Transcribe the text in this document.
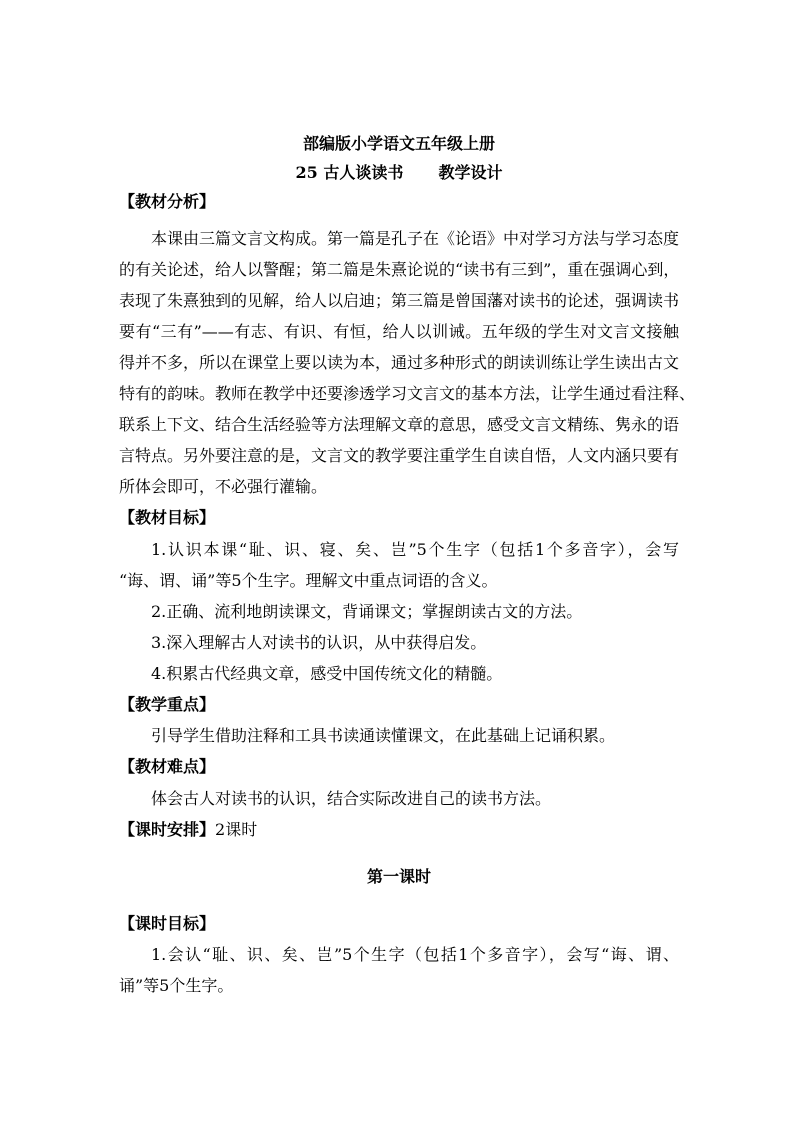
部编版小学语文五年级上册
25 古人谈读书 教学设计
【教材分析】
本课由三篇文言文构成。第一篇是孔子在《论语》中对学习方法与学习态度
的有关论述，给人以警醒；第二篇是朱熹论说的“读书有三到”，重在强调心到，
表现了朱熹独到的见解，给人以启迪；第三篇是曾国藩对读书的论述，强调读书
要有“三有”——有志、有识、有恒，给人以训诫。五年级的学生对文言文接触
得并不多，所以在课堂上要以读为本，通过多种形式的朗读训练让学生读出古文
特有的韵味。教师在教学中还要渗透学习文言文的基本方法，让学生通过看注释、
联系上下文、结合生活经验等方法理解文章的意思，感受文言文精练、隽永的语
言特点。另外要注意的是，文言文的教学要注重学生自读自悟，人文内涵只要有
所体会即可，不必强行灌输。
【教材目标】
1.认识本课“耻、识、寝、矣、岂”5个生字（包括1个多音字），会写
“诲、谓、诵”等5个生字。理解文中重点词语的含义。
2.正确、流利地朗读课文，背诵课文；掌握朗读古文的方法。
3.深入理解古人对读书的认识，从中获得启发。
4.积累古代经典文章，感受中国传统文化的精髓。
【教学重点】
引导学生借助注释和工具书读通读懂课文，在此基础上记诵积累。
【教材难点】
体会古人对读书的认识，结合实际改进自己的读书方法。
【课时安排】2课时
第一课时
【课时目标】
1.会认“耻、识、矣、岂”5个生字（包括1个多音字），会写“诲、谓、
诵”等5个生字。
